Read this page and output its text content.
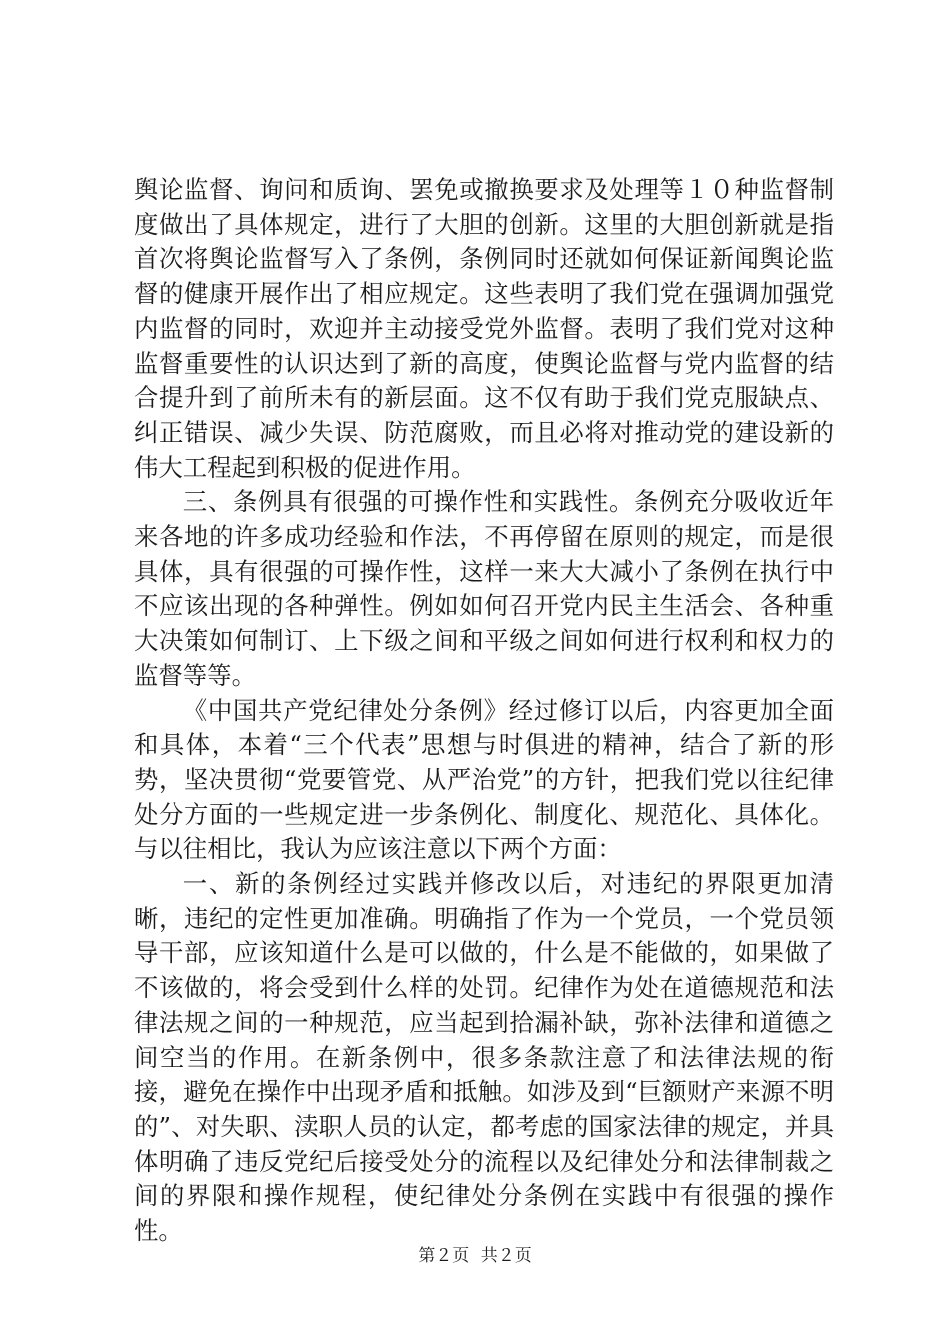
舆论监督、询问和质询、罢免或撤换要求及处理等１０种监督制度做出了具体规定，进行了大胆的创新。这里的大胆创新就是指首次将舆论监督写入了条例，条例同时还就如何保证新闻舆论监督的健康开展作出了相应规定。这些表明了我们党在强调加强党内监督的同时，欢迎并主动接受党外监督。表明了我们党对这种监督重要性的认识达到了新的高度，使舆论监督与党内监督的结合提升到了前所未有的新层面。这不仅有助于我们党克服缺点、纠正错误、减少失误、防范腐败，而且必将对推动党的建设新的伟大工程起到积极的促进作用。

三、条例具有很强的可操作性和实践性。条例充分吸收近年来各地的许多成功经验和作法，不再停留在原则的规定，而是很具体，具有很强的可操作性，这样一来大大减小了条例在执行中不应该出现的各种弹性。例如如何召开党内民主生活会、各种重大决策如何制订、上下级之间和平级之间如何进行权利和权力的监督等等。

《中国共产党纪律处分条例》经过修订以后，内容更加全面和具体，本着“三个代表”思想与时俱进的精神，结合了新的形势，坚决贯彻“党要管党、从严治党”的方针，把我们党以往纪律处分方面的一些规定进一步条例化、制度化、规范化、具体化。与以往相比，我认为应该注意以下两个方面：

一、新的条例经过实践并修改以后，对违纪的界限更加清晰，违纪的定性更加准确。明确指了作为一个党员，一个党员领导干部，应该知道什么是可以做的，什么是不能做的，如果做了不该做的，将会受到什么样的处罚。纪律作为处在道德规范和法律法规之间的一种规范，应当起到拾漏补缺，弥补法律和道德之间空当的作用。在新条例中，很多条款注意了和法律法规的衔接，避免在操作中出现矛盾和抵触。如涉及到“巨额财产来源不明的”、对失职、渎职人员的认定，都考虑的国家法律的规定，并具体明确了违反党纪后接受处分的流程以及纪律处分和法律制裁之间的界限和操作规程，使纪律处分条例在实践中有很强的操作性。

第２页 共２页
